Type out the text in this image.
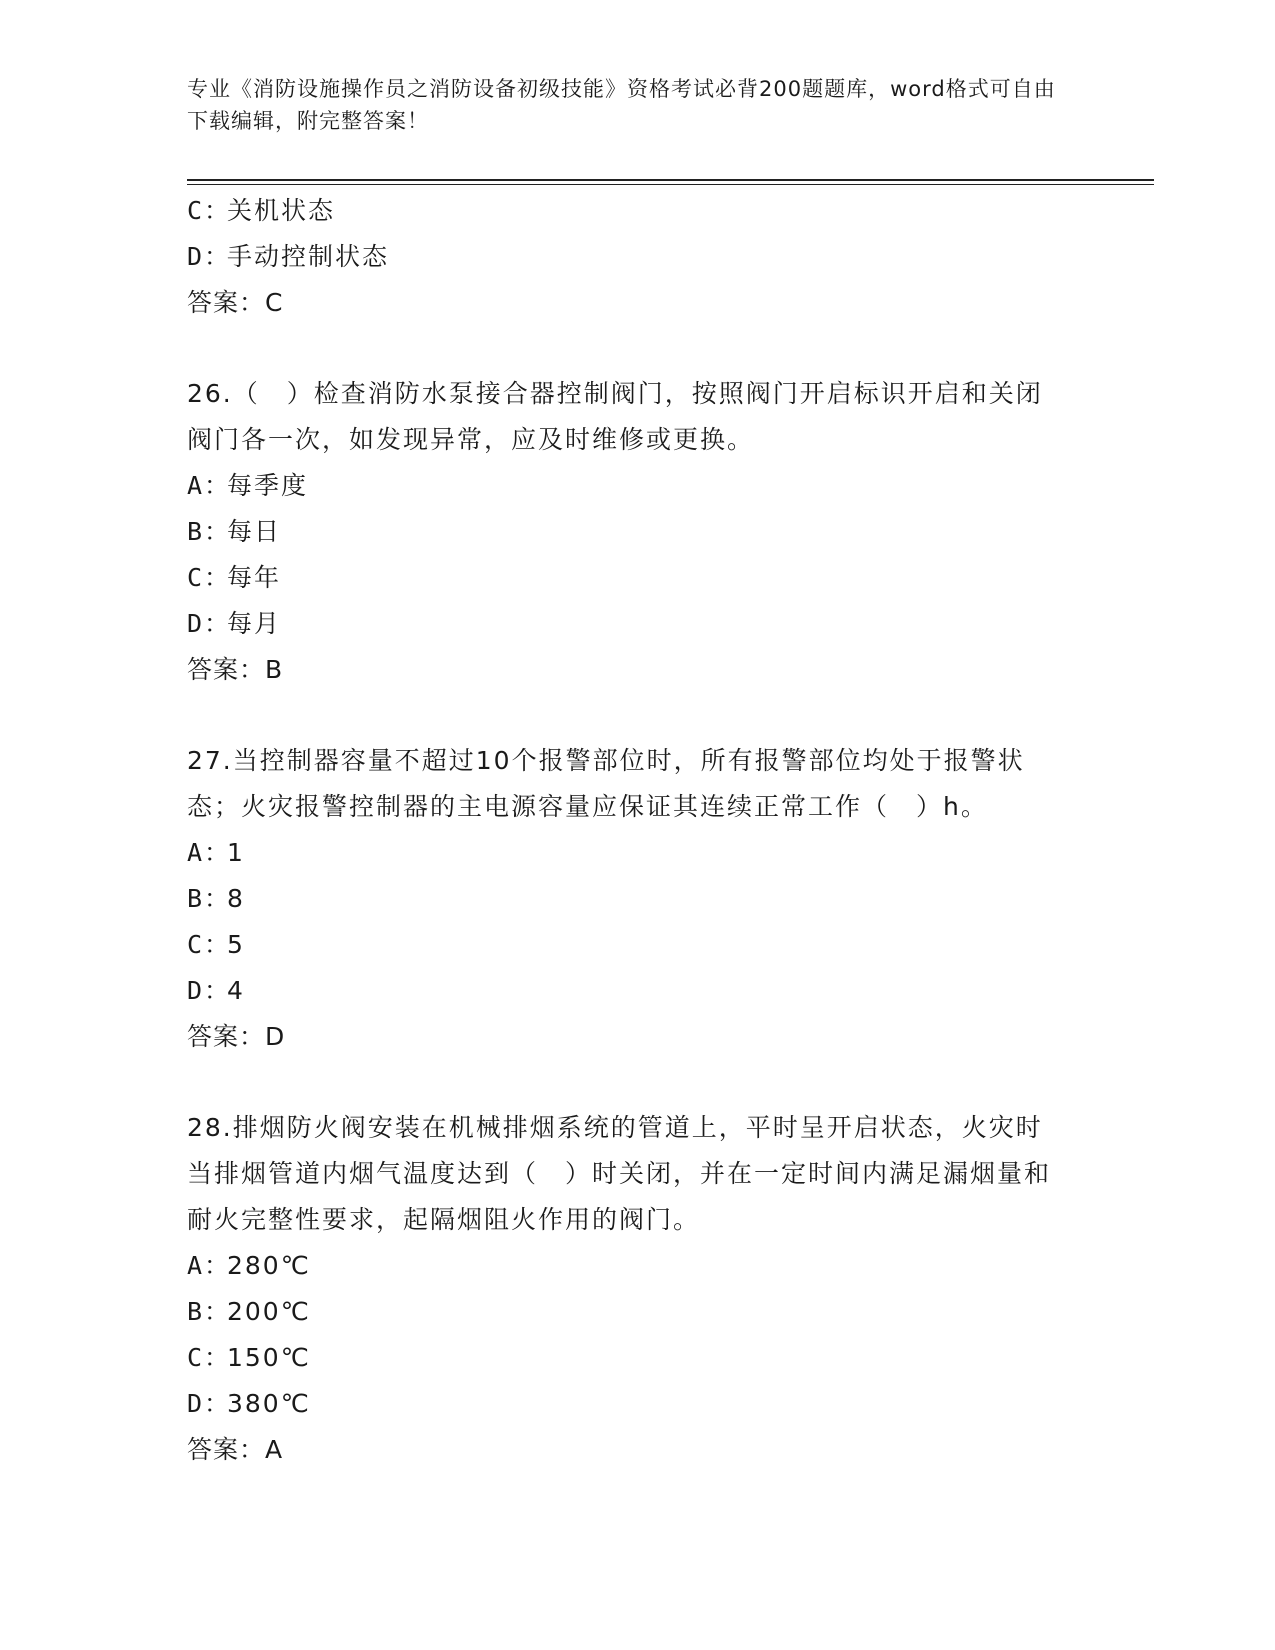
专业《消防设施操作员之消防设备初级技能》资格考试必背200题题库，word格式可自由下载编辑，附完整答案！
C：关机状态
D：手动控制状态
答案：C
26.（　）检查消防水泵接合器控制阀门，按照阀门开启标识开启和关闭阀门各一次，如发现异常，应及时维修或更换。
A：每季度
B：每日
C：每年
D：每月
答案：B
27.当控制器容量不超过10个报警部位时，所有报警部位均处于报警状态；火灾报警控制器的主电源容量应保证其连续正常工作（　）h。
A：1
B：8
C：5
D：4
答案：D
28.排烟防火阀安装在机械排烟系统的管道上，平时呈开启状态，火灾时当排烟管道内烟气温度达到（　）时关闭，并在一定时间内满足漏烟量和耐火完整性要求，起隔烟阻火作用的阀门。
A：280℃
B：200℃
C：150℃
D：380℃
答案：A
